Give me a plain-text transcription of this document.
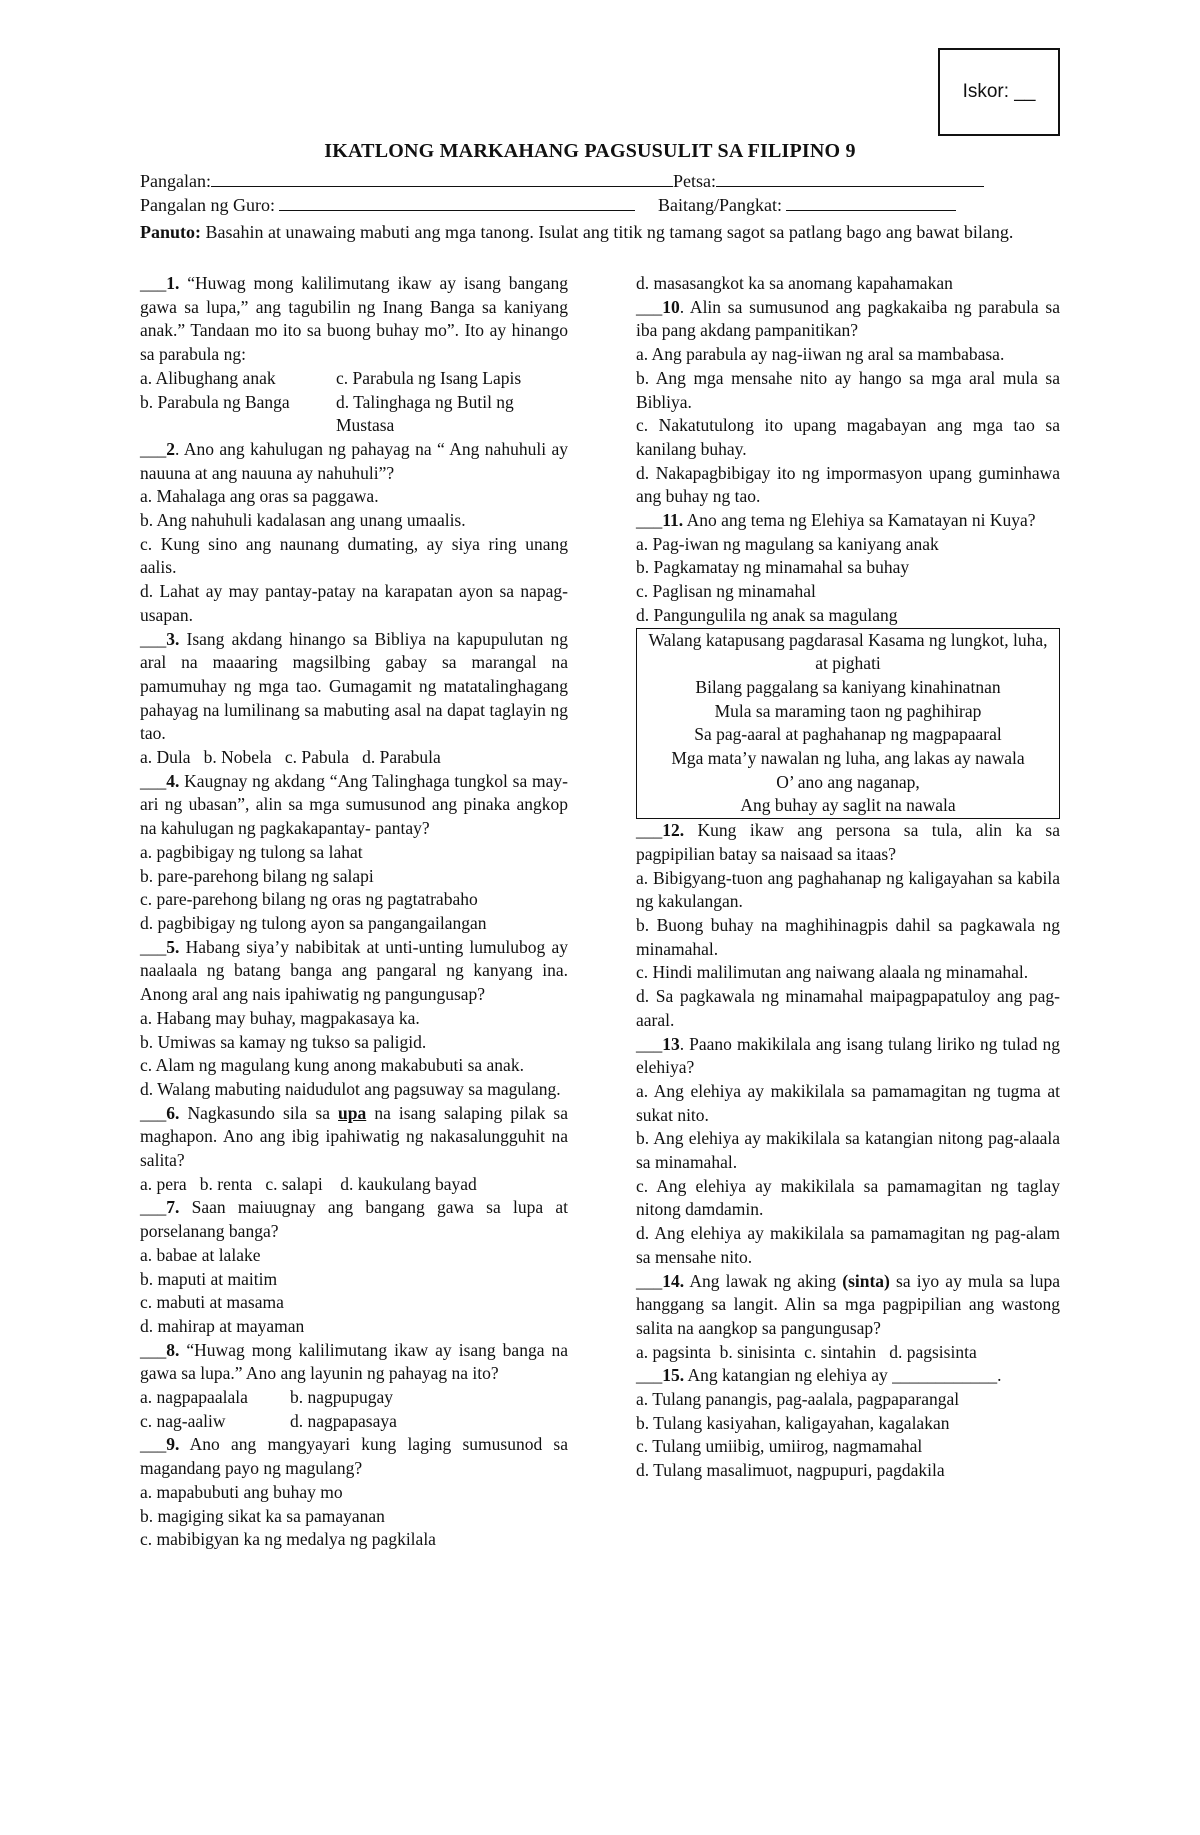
Iskor: __
IKATLONG MARKAHANG PAGSUSULIT SA FILIPINO 9
Pangalan:	Petsa:
Pangalan ng Guro:	Baitang/Pangkat:
Panuto: Basahin at unawaing mabuti ang mga tanong. Isulat ang titik ng tamang sagot sa patlang bago ang bawat bilang.

___1. “Huwag mong kalilimutang ikaw ay isang bangang gawa sa lupa,” ang tagubilin ng Inang Banga sa kaniyang anak.” Tandaan mo ito sa buong buhay mo”. Ito ay hinango sa parabula ng:

a. Alibughang anak	c. Parabula ng Isang Lapis
b. Parabula ng Banga	d. Talinghaga ng Butil ng Mustasa

___2. Ano ang kahulugan ng pahayag na “ Ang nahuhuli ay nauuna at ang nauuna ay nahuhuli”?

a. Mahalaga ang oras sa paggawa.

b. Ang nahuhuli kadalasan ang unang umaalis.

c. Kung sino ang naunang dumating, ay siya ring unang aalis.

d. Lahat ay may pantay-patay na karapatan ayon sa napag-usapan.

___3. Isang akdang hinango sa Bibliya na kapupulutan ng aral na maaaring magsilbing gabay sa marangal na pamumuhay ng mga tao. Gumagamit ng matatalinghagang pahayag na lumilinang sa mabuting asal na dapat taglayin ng tao.

a. Dula   b. Nobela   c. Pabula   d. Parabula

___4. Kaugnay ng akdang “Ang Talinghaga tungkol sa may-ari ng ubasan”, alin sa mga sumusunod ang pinaka angkop na kahulugan ng pagkakapantay- pantay?

a. pagbibigay ng tulong sa lahat

b. pare-parehong bilang ng salapi

c. pare-parehong bilang ng oras ng pagtatrabaho

d. pagbibigay ng tulong ayon sa pangangailangan

___5. Habang siya’y nabibitak at unti-unting lumulubog ay naalaala ng batang banga ang pangaral ng kanyang ina. Anong aral ang nais ipahiwatig ng pangungusap?

a. Habang may buhay, magpakasaya ka.

b. Umiwas sa kamay ng tukso sa paligid.

c. Alam ng magulang kung anong makabubuti sa anak.

d. Walang mabuting naidudulot ang pagsuway sa magulang.

___6. Nagkasundo sila sa upa na isang salaping pilak sa maghapon. Ano ang ibig ipahiwatig ng nakasalungguhit na salita?

a. pera   b. renta   c. salapi    d. kaukulang bayad

___7. Saan maiuugnay ang bangang gawa sa lupa at porselanang banga?

a. babae at lalake

b. maputi at maitim

c. mabuti at masama

d. mahirap at mayaman

___8. “Huwag mong kalilimutang ikaw ay isang banga na gawa sa lupa.” Ano ang layunin ng pahayag na ito?

a. nagpapaalala	b. nagpupugay
c. nag-aaliw	d. nagpapasaya

___9. Ano ang mangyayari kung laging sumusunod sa magandang payo ng magulang?

a. mapabubuti ang buhay mo

b. magiging sikat ka sa pamayanan

c. mabibigyan ka ng medalya ng pagkilala

d. masasangkot ka sa anomang kapahamakan

___10. Alin sa sumusunod ang pagkakaiba ng parabula sa iba pang akdang pampanitikan?

a. Ang parabula ay nag-iiwan ng aral sa mambabasa.

b. Ang mga mensahe nito ay hango sa mga aral mula sa Bibliya.

c. Nakatutulong ito upang magabayan ang mga tao sa kanilang buhay.

d. Nakapagbibigay ito ng impormasyon upang guminhawa ang buhay ng tao.

___11. Ano ang tema ng Elehiya sa Kamatayan ni Kuya?

a. Pag-iwan ng magulang sa kaniyang anak

b. Pagkamatay ng minamahal sa buhay

c. Paglisan ng minamahal

d. Pangungulila ng anak sa magulang

Walang katapusang pagdarasal Kasama ng lungkot, luha, at pighati
Bilang paggalang sa kaniyang kinahinatnan
Mula sa maraming taon ng paghihirap
Sa pag-aaral at paghahanap ng magpapaaral
Mga mata’y nawalan ng luha, ang lakas ay nawala
O’ ano ang naganap,
Ang buhay ay saglit na nawala

___12. Kung ikaw ang persona sa tula, alin ka sa pagpipilian batay sa naisaad sa itaas?

a. Bibigyang-tuon ang paghahanap ng kaligayahan sa kabila ng kakulangan.

b. Buong buhay na maghihinagpis dahil sa pagkawala ng minamahal.

c. Hindi malilimutan ang naiwang alaala ng minamahal.

d. Sa pagkawala ng minamahal maipagpapatuloy ang pag-aaral.

___13. Paano makikilala ang isang tulang liriko ng tulad ng elehiya?

a. Ang elehiya ay makikilala sa pamamagitan ng tugma at sukat nito.

b. Ang elehiya ay makikilala sa katangian nitong pag-alaala sa minamahal.

c. Ang elehiya ay makikilala sa pamamagitan ng taglay nitong damdamin.

d. Ang elehiya ay makikilala sa pamamagitan ng pag-alam sa mensahe nito.

___14. Ang lawak ng aking (sinta) sa iyo ay mula sa lupa hanggang sa langit. Alin sa mga pagpipilian ang wastong salita na aangkop sa pangungusap?

a. pagsinta  b. sinisinta  c. sintahin   d. pagsisinta

___15. Ang katangian ng elehiya ay ____________.

a. Tulang panangis, pag-aalala, pagpaparangal

b. Tulang kasiyahan, kaligayahan, kagalakan

c. Tulang umiibig, umiirog, nagmamahal

d. Tulang masalimuot, nagpupuri, pagdakila
